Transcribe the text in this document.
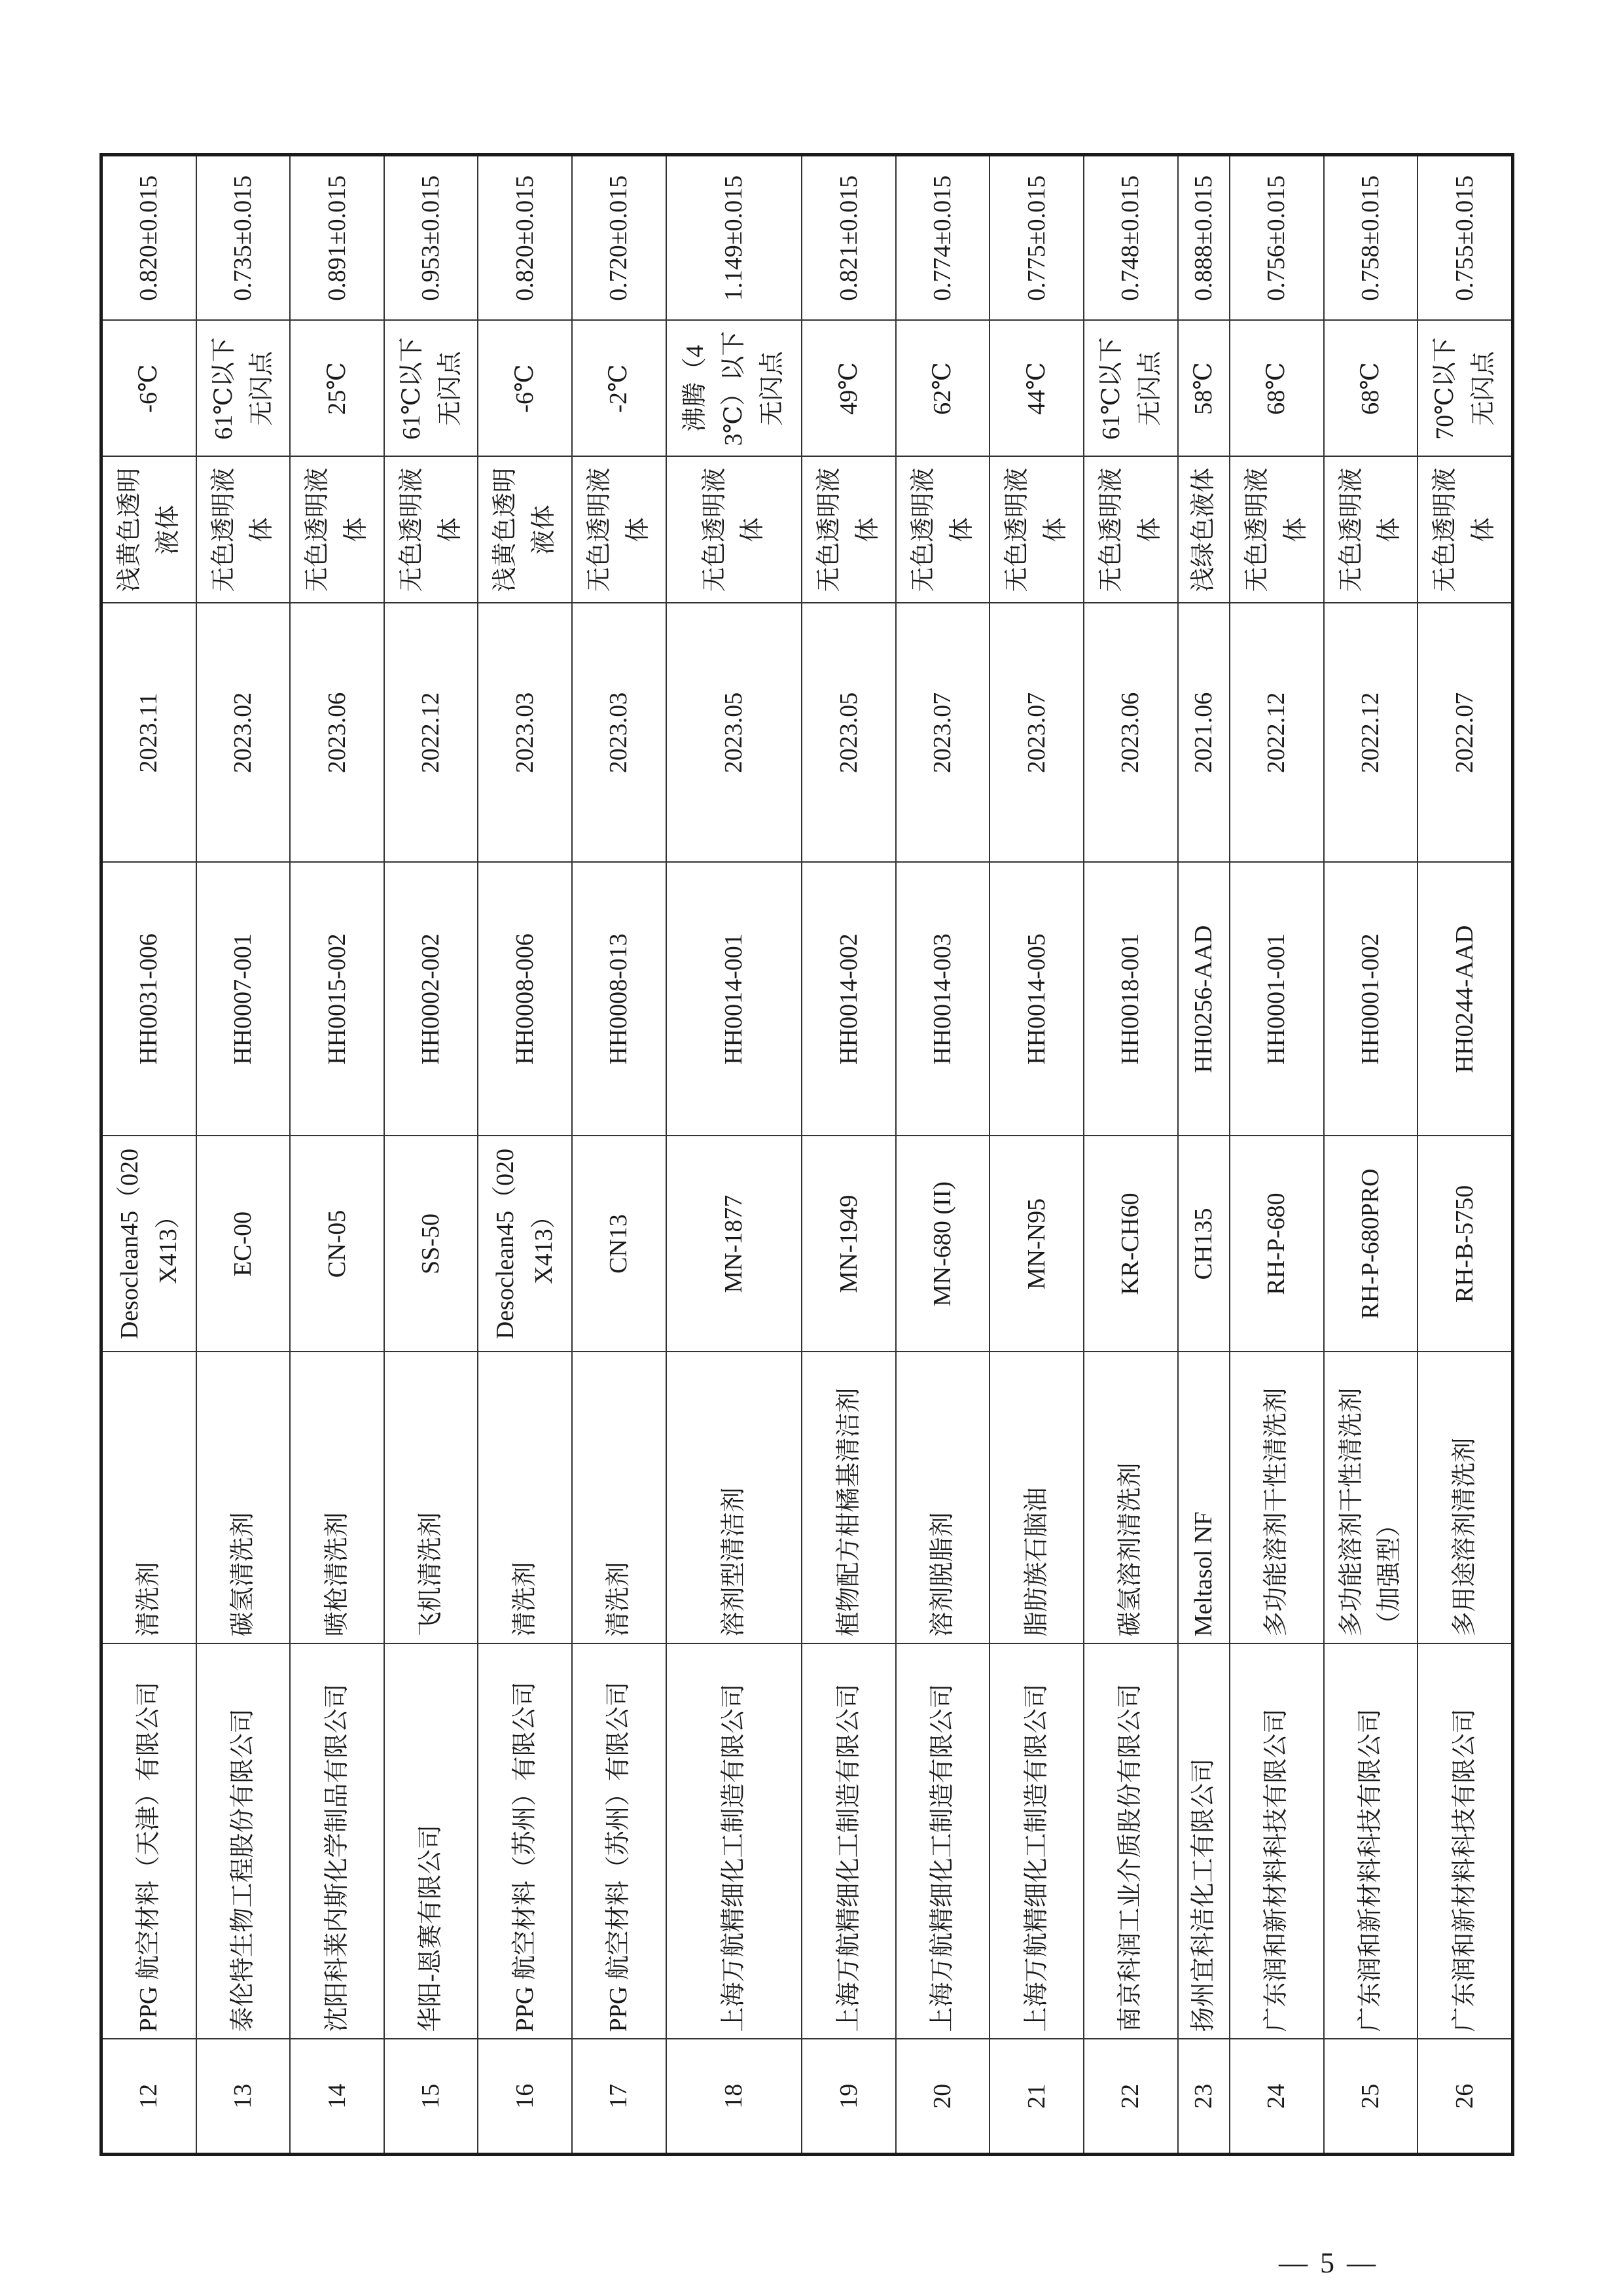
12	PPG 航空材料（天津）有限公司	清洗剂	Desoclean45（020X413）	HH0031-006	2023.11	浅黄色透明液体	-6℃	0.820±0.015
13	泰伦特生物工程股份有限公司	碳氢清洗剂	EC-00	HH0007-001	2023.02	无色透明液体	61℃以下无闪点	0.735±0.015
14	沈阳科莱内斯化学制品有限公司	喷枪清洗剂	CN-05	HH0015-002	2023.06	无色透明液体	25℃	0.891±0.015
15	华阳-恩赛有限公司	飞机清洗剂	SS-50	HH0002-002	2022.12	无色透明液体	61℃以下无闪点	0.953±0.015
16	PPG 航空材料（苏州）有限公司	清洗剂	Desoclean45（020X413）	HH0008-006	2023.03	浅黄色透明液体	-6℃	0.820±0.015
17	PPG 航空材料（苏州）有限公司	清洗剂	CN13	HH0008-013	2023.03	无色透明液体	-2℃	0.720±0.015
18	上海万航精细化工制造有限公司	溶剂型清洁剂	MN-1877	HH0014-001	2023.05	无色透明液体	沸腾（43℃）以下无闪点	1.149±0.015
19	上海万航精细化工制造有限公司	植物配方柑橘基清洁剂	MN-1949	HH0014-002	2023.05	无色透明液体	49℃	0.821±0.015
20	上海万航精细化工制造有限公司	溶剂脱脂剂	MN-680 (II)	HH0014-003	2023.07	无色透明液体	62℃	0.774±0.015
21	上海万航精细化工制造有限公司	脂肪族石脑油	MN-N95	HH0014-005	2023.07	无色透明液体	44℃	0.775±0.015
22	南京科润工业介质股份有限公司	碳氢溶剂清洗剂	KR-CH60	HH0018-001	2023.06	无色透明液体	61℃以下无闪点	0.748±0.015
23	扬州宜科洁化工有限公司	Meltasol NF	CH135	HH0256-AAD	2021.06	浅绿色液体	58℃	0.888±0.015
24	广东润和新材料科技有限公司	多功能溶剂干性清洗剂	RH-P-680	HH0001-001	2022.12	无色透明液体	68℃	0.756±0.015
25	广东润和新材料科技有限公司	多功能溶剂干性清洗剂（加强型）	RH-P-680PRO	HH0001-002	2022.12	无色透明液体	68℃	0.758±0.015
26	广东润和新材料科技有限公司	多用途溶剂清洗剂	RH-B-5750	HH0244-AAD	2022.07	无色透明液体	70℃以下无闪点	0.755±0.015
— 5 —
